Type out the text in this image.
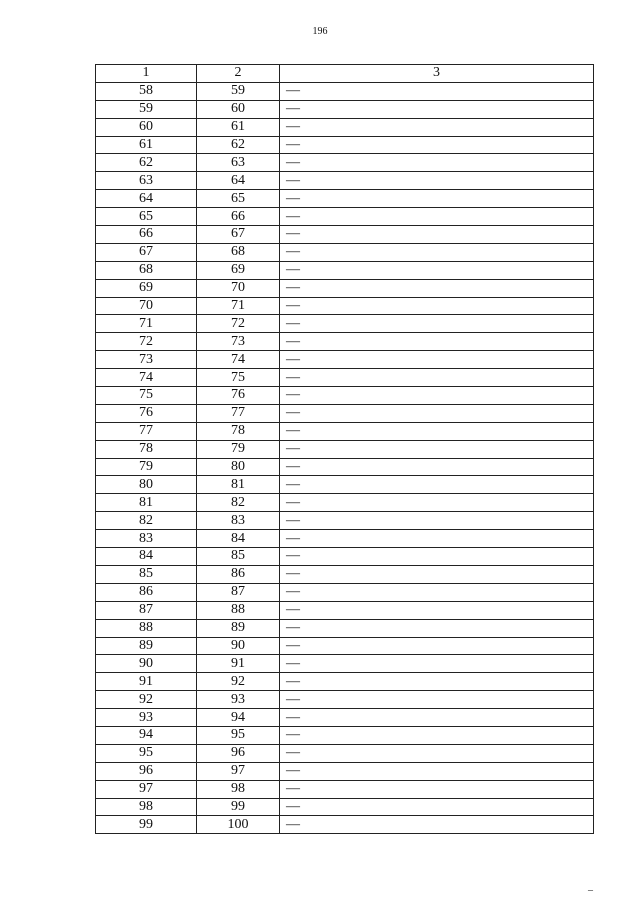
196
1	2	3
58	59	—
59	60	—
60	61	—
61	62	—
62	63	—
63	64	—
64	65	—
65	66	—
66	67	—
67	68	—
68	69	—
69	70	—
70	71	—
71	72	—
72	73	—
73	74	—
74	75	—
75	76	—
76	77	—
77	78	—
78	79	—
79	80	—
80	81	—
81	82	—
82	83	—
83	84	—
84	85	—
85	86	—
86	87	—
87	88	—
88	89	—
89	90	—
90	91	—
91	92	—
92	93	—
93	94	—
94	95	—
95	96	—
96	97	—
97	98	—
98	99	—
99	100	—
–
